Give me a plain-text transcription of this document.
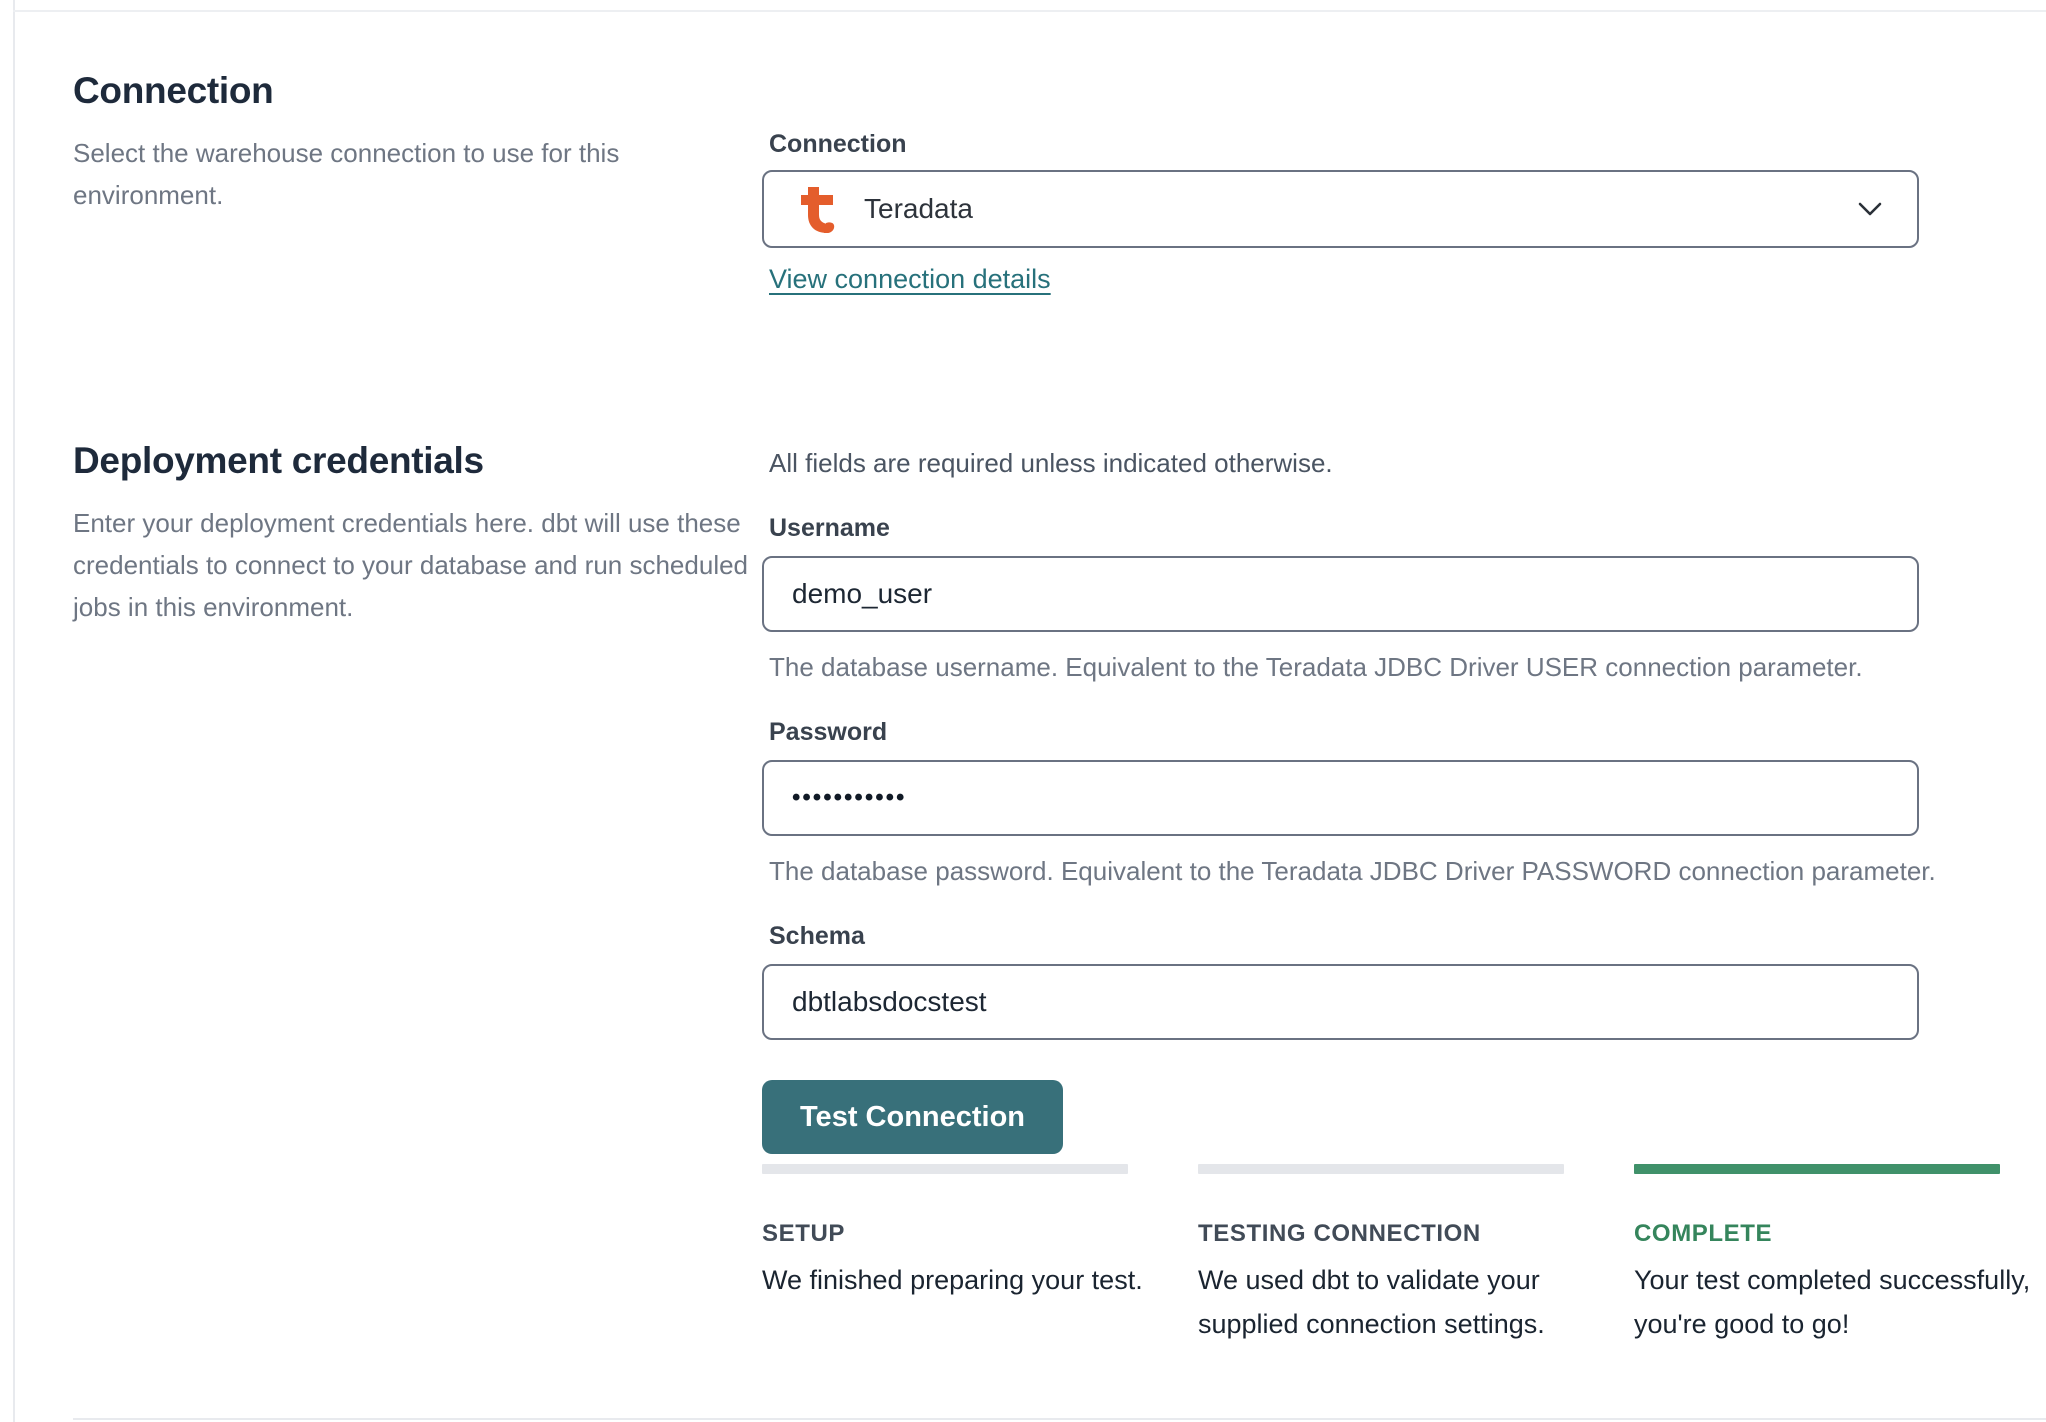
Connection

Select the warehouse connection to use for this environment.

Connection
Teradata
View connection details
Deployment credentials

Enter your deployment credentials here. dbt will use these credentials to connect to your database and run scheduled jobs in this environment.

All fields are required unless indicated otherwise.
Username
demo_user
The database username. Equivalent to the Teradata JDBC Driver USER connection parameter.
Password
•••••••••••
The database password. Equivalent to the Teradata JDBC Driver PASSWORD connection parameter.
Schema
dbtlabsdocstest
Test Connection
SETUP
We finished preparing your test.
TESTING CONNECTION
We used dbt to validate your supplied connection settings.
COMPLETE
Your test completed successfully, you're good to go!
